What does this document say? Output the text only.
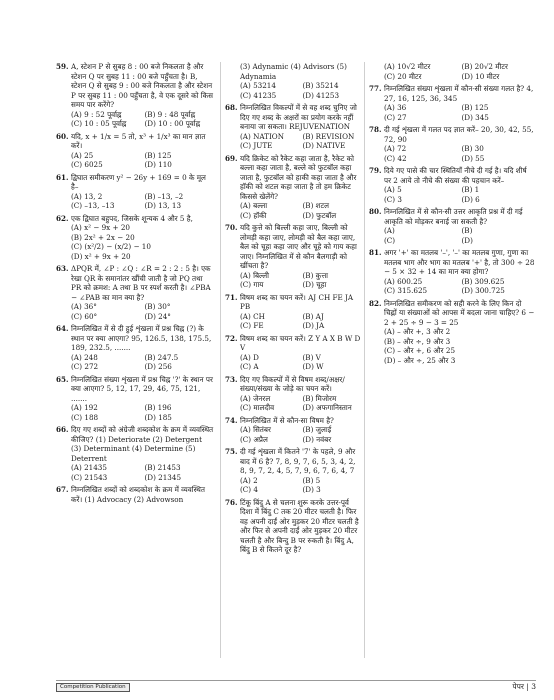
59. A, स्टेशन P से सुबह 8 : 00 बजे निकलता है और स्टेशन Q पर सुबह 11 : 00 बजे पहुँचता है। B, स्टेशन Q से सुबह 9 : 00 बजे निकलता है और स्टेशन P पर सुबह 11 : 00 पहुँचता है, वे एक दूसरे को किस समय पार करेंगे?
(A) 9 : 52 पूर्वाह्न	(B) 9 : 48 पूर्वाह्न
(C) 10 : 05 पूर्वाह्न	(D) 10 : 00 पूर्वाह्न
60. यदि, x + 1/x = 5 तो, x³ + 1/x³ का मान ज्ञात करें।
(A) 25	(B) 125
(C) 6025	(D) 110
61. द्विघात समीकरण y² − 26y + 169 = 0 के मूल है–
(A) 13, 2	(B) –13, –2
(C) –13, –13	(D) 13, 13
62. एक द्विघात बहुपद, जिसके शून्यक 4 और 5 है,
(A) x² − 9x + 20
(B) 2x² + 2x − 20
(C) (x²/2) − (x/2) − 10
(D) x² + 9x + 20
63. ΔPQR में, ∠P : ∠Q : ∠R = 2 : 2 : 5 है। एक रेखा QR के समानांतर खींची जाती है जो PQ तथा PR को क्रमश: A तथा B पर स्पर्श करती है। ∠PBA − ∠PAB का मान क्या है?
(A) 36°	(B) 30°
(C) 60°	(D) 24°
64. निम्नलिखित में से दी हुई शृंखला में प्रश्न चिह्न (?) के स्थान पर क्या आएगा? 95, 126.5, 138, 175.5, 189, 232.5, .......
(A) 248	(B) 247.5
(C) 272	(D) 256
65. निम्नलिखित संख्या शृंखला में प्रश्न चिह्न '?' के स्थान पर क्या आएगा? 5, 12, 17, 29, 46, 75, 121, .......
(A) 192	(B) 196
(C) 188	(D) 185
66. दिए गए शब्दों को अंग्रेजी शब्दकोश के क्रम में व्यवस्थित कीजिए? (1) Deteriorate (2) Detergent (3) Determinant (4) Determine (5) Deterrent
(A) 21435	(B) 21453
(C) 21543	(D) 21345
67. निम्नलिखित शब्दों को शब्दकोश के क्रम में व्यवस्थित करें। (1) Advocacy (2) Advowson
(3) Adynamic (4) Advisors (5) Adynamia
(A) 53214	(B) 35214
(C) 41235	(D) 41253
68. निम्नलिखित विकल्पों में से वह शब्द चुनिए जो दिए गए शब्द के अक्षरों का प्रयोग करके नहीं बनाया जा सकता। REJUVENATION
(A) NATION	(B) REVISION
(C) JUTE	(D) NATIVE
69. यदि क्रिकेट को रैकेट कहा जाता है, रैकेट को बल्ला कहा जाता है, बल्ले को फुटबॉल कहा जाता है, फुटबॉल को हाकी कहा जाता है और हॉकी को शटल कहा जाता है तो हम क्रिकेट किससे खेलेंगे?
(A) बल्ला	(B) शटल
(C) हॉकी	(D) फुटबॉल
70. यदि कुत्ते को बिल्ली कहा जाए, बिल्ली को लोमड़ी कहा जाए, लोमड़ी को बैल कहा जाए, बैल को चूहा कहा जाए और चूहे को गाय कहा जाए। निम्नलिखित में से कौन बैलगाड़ी को खींचता है?
(A) बिल्ली	(B) कुत्ता
(C) गाय	(D) चूहा
71. विषम शब्द का चयन करें। AJ CH FE JA PB
(A) CH	(B) AJ
(C) FE	(D) JA
72. विषम शब्द का चयन करें। Z Y A X B W D V
(A) D	(B) V
(C) A	(D) W
73. दिए गए विकल्पों में से विषम शब्द/अक्षर/संख्या/संख्या के जोड़े का चयन करें।
(A) जेनरल	(B) मिजोरम
(C) मालदीव	(D) अफगानिस्तान
74. निम्नलिखित में से कौन-सा विषम है?
(A) सितंबर	(B) जुलाई
(C) अप्रैल	(D) नवंबर
75. दी गई शृंखला में कितने '7' के पहले, 9 और बाद में 6 है? 7, 8, 9, 7, 6, 5, 3, 4, 2, 8, 9, 7, 2, 4, 5, 7, 9, 6, 7, 6, 4, 7
(A) 2	(B) 5
(C) 4	(D) 3
76. टिंकू बिंदु A से चलना शुरू करके उत्तर-पूर्व दिशा में बिंदु C तक 20 मीटर चलती है। फिर वह अपनी दाईं ओर मुड़कर 20 मीटर चलती है और फिर से अपनी दाईं ओर मुड़कर 20 मीटर चलती है और बिन्दु B पर रुकती है। बिंदु A, बिंदु B से कितने दूर है?
(A) 10√2 मीटर	(B) 20√2 मीटर
(C) 20 मीटर	(D) 10 मीटर
77. निम्नलिखित संख्या शृंखला में कौन-सी संख्या गलत है? 4, 27, 16, 125, 36, 345
(A) 36	(B) 125
(C) 27	(D) 345
78. दी गई शृंखला में गलत पद ज्ञात करें– 20, 30, 42, 55, 72, 90
(A) 72	(B) 30
(C) 42	(D) 55
79. दिये गए पासे की चार स्थितियाँ नीचे दी गई है। यदि शीर्ष पर 2 आये तो नीचे की संख्या की पहचान करें–
(A) 5	(B) 1
(C) 3	(D) 6
80. निम्नलिखित में से कौन-सी उत्तर आकृति प्रश्न में दी गई आकृति को मोड़कर बनाई जा सकती है?
(A)	(B)
(C)	(D)
81. अगर '+' का मतलब '–', '–' का मतलब गुणा, गुणा का मतलब भाग और भाग का मतलब '+' है, तो 300 ÷ 28 − 5 × 32 + 14 का मान क्या होगा?
(A) 600.25	(B) 309.625
(C) 315.625	(D) 300.725
82. निम्नलिखित समीकरण को सही करने के लिए किन दो चिह्नों या संख्याओं को आपस में बदला जाना चाहिए? 6 − 2 + 25 ÷ 9 − 3 = 25
(A) – और +, 3 और 2
(B) – और ÷, 9 और 3
(C) – और +, 6 और 25
(D) – और ÷, 25 और 3
Competition Publication	पेपर | 3
